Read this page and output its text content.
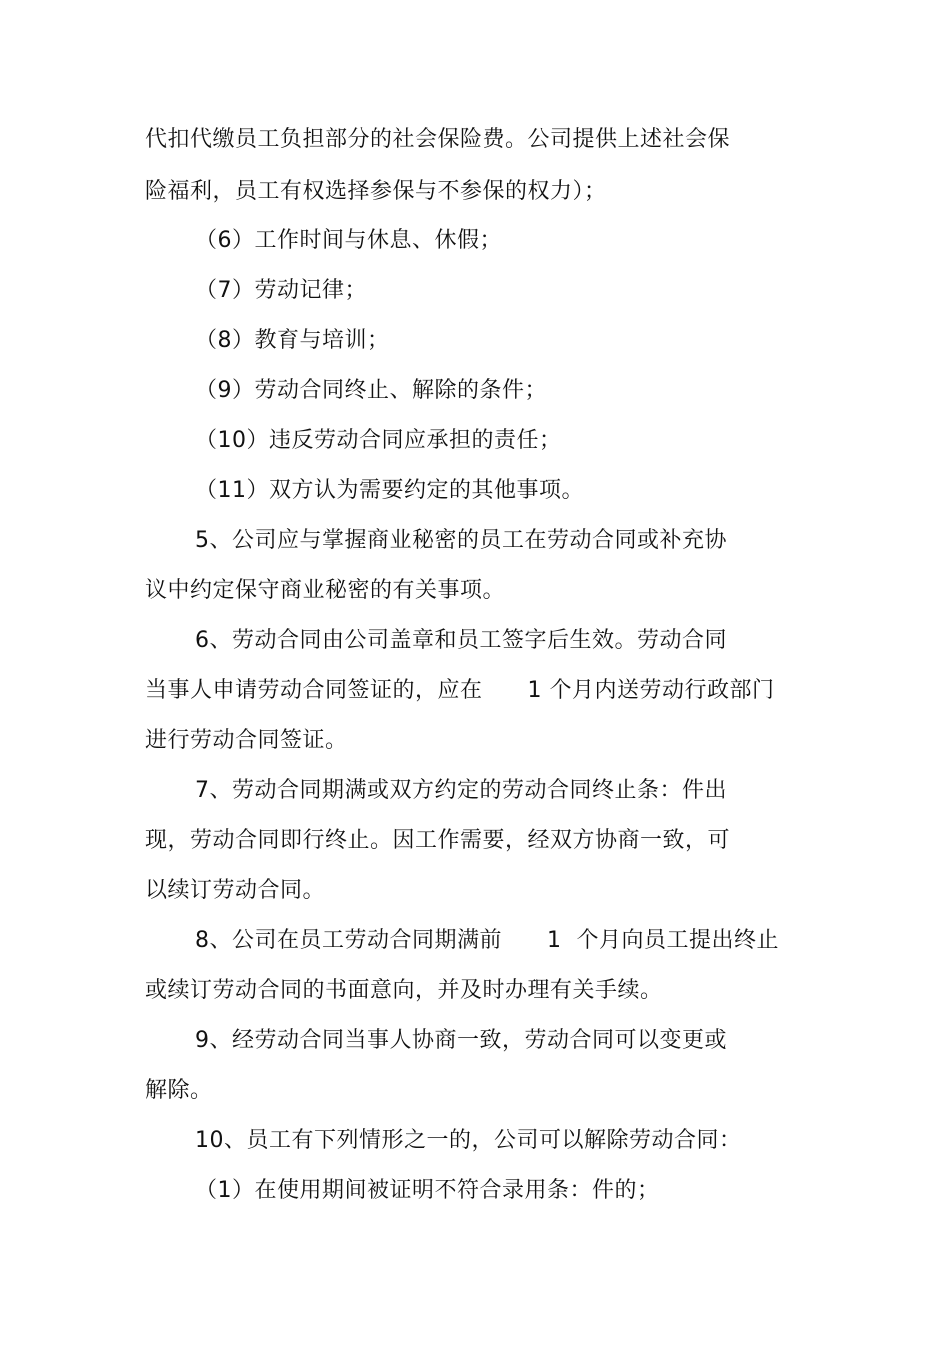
代扣代缴员工负担部分的社会保险费。公司提供上述社会保
险福利，员工有权选择参保与不参保的权力）；
（6）工作时间与休息、休假；
（7）劳动记律；
（8）教育与培训；
（9）劳动合同终止、解除的条件；
（10）违反劳动合同应承担的责任；
（11）双方认为需要约定的其他事项。
5、公司应与掌握商业秘密的员工在劳动合同或补充协
议中约定保守商业秘密的有关事项。
6、劳动合同由公司盖章和员工签字后生效。劳动合同
当事人申请劳动合同签证的，应在      1 个月内送劳动行政部门
进行劳动合同签证。
7、劳动合同期满或双方约定的劳动合同终止条：件出
现，劳动合同即行终止。因工作需要，经双方协商一致，可
以续订劳动合同。
8、公司在员工劳动合同期满前      1  个月向员工提出终止
或续订劳动合同的书面意向，并及时办理有关手续。
9、经劳动合同当事人协商一致，劳动合同可以变更或
解除。
10、员工有下列情形之一的，公司可以解除劳动合同：
（1）在使用期间被证明不符合录用条：件的；
